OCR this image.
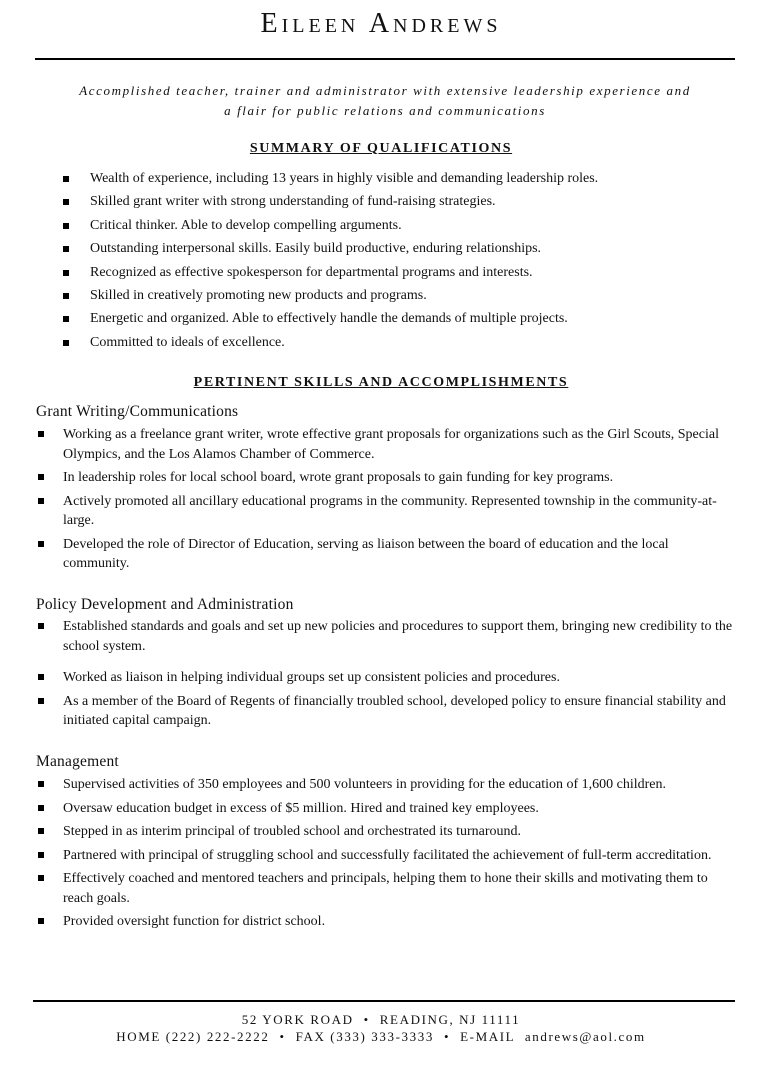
Eileen Andrews

Accomplished teacher, trainer and administrator with extensive leadership experience and
a flair for public relations and communications

SUMMARY OF QUALIFICATIONS
Wealth of experience, including 13 years in highly visible and demanding leadership roles.
Skilled grant writer with strong understanding of fund-raising strategies.
Critical thinker. Able to develop compelling arguments.
Outstanding interpersonal skills. Easily build productive, enduring relationships.
Recognized as effective spokesperson for departmental programs and interests.
Skilled in creatively promoting new products and programs.
Energetic and organized. Able to effectively handle the demands of multiple projects.
Committed to ideals of excellence.
PERTINENT SKILLS AND ACCOMPLISHMENTS
Grant Writing/Communications
Working as a freelance grant writer, wrote effective grant proposals for organizations such as the Girl Scouts, Special Olympics, and the Los Alamos Chamber of Commerce.
In leadership roles for local school board, wrote grant proposals to gain funding for key programs.
Actively promoted all ancillary educational programs in the community. Represented township in the community-at-large.
Developed the role of Director of Education, serving as liaison between the board of education and the local community.
Policy Development and Administration
Established standards and goals and set up new policies and procedures to support them, bringing new credibility to the school system.
Worked as liaison in helping individual groups set up consistent policies and procedures.
As a member of the Board of Regents of financially troubled school, developed policy to ensure financial stability and initiated capital campaign.
Management
Supervised activities of 350 employees and 500 volunteers in providing for the education of 1,600 children.
Oversaw education budget in excess of $5 million. Hired and trained key employees.
Stepped in as interim principal of troubled school and orchestrated its turnaround.
Partnered with principal of struggling school and successfully facilitated the achievement of full-term accreditation.
Effectively coached and mentored teachers and principals, helping them to hone their skills and motivating them to reach goals.
Provided oversight function for district school.

52 YORK ROAD • READING, NJ 11111

HOME (222) 222-2222 • FAX (333) 333-3333 • E-MAIL andrews@aol.com
